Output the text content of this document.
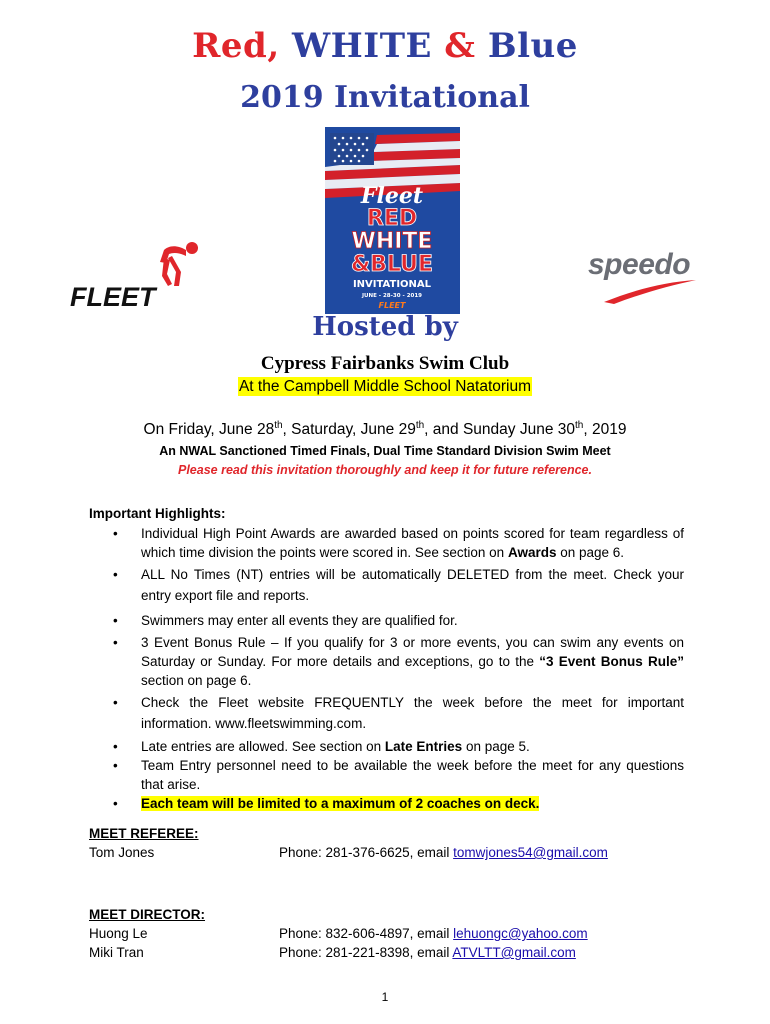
Red, WHITE & Blue
2019 Invitational
FLEET
Fleet
RED
WHITE
&BLUE
INVITATIONAL
JUNE - 28-30 - 2019
FLEET
speedo
Hosted by
Cypress Fairbanks Swim Club
At the Campbell Middle School Natatorium
On Friday, June 28th, Saturday, June 29th, and Sunday June 30th, 2019
An NWAL Sanctioned Timed Finals, Dual Time Standard Division Swim Meet
Please read this invitation thoroughly and keep it for future reference.
Important Highlights:
• Individual High Point Awards are awarded based on points scored for team regardless of which time division the points were scored in. See section on Awards on page 6.
• ALL No Times (NT) entries will be automatically DELETED from the meet. Check your entry export file and reports.
• Swimmers may enter all events they are qualified for.
• 3 Event Bonus Rule – If you qualify for 3 or more events, you can swim any events on Saturday or Sunday. For more details and exceptions, go to the “3 Event Bonus Rule” section on page 6.
• Check the Fleet website FREQUENTLY the week before the meet for important information. www.fleetswimming.com.
• Late entries are allowed. See section on Late Entries on page 5.
• Team Entry personnel need to be available the week before the meet for any questions that arise.
• Each team will be limited to a maximum of 2 coaches on deck.
MEET REFEREE:
Tom Jones	Phone: 281-376-6625, email tomwjones54@gmail.com
MEET DIRECTOR:
Huong Le	Phone: 832-606-4897, email lehuongc@yahoo.com
Miki Tran	Phone: 281-221-8398, email ATVLTT@gmail.com
1
